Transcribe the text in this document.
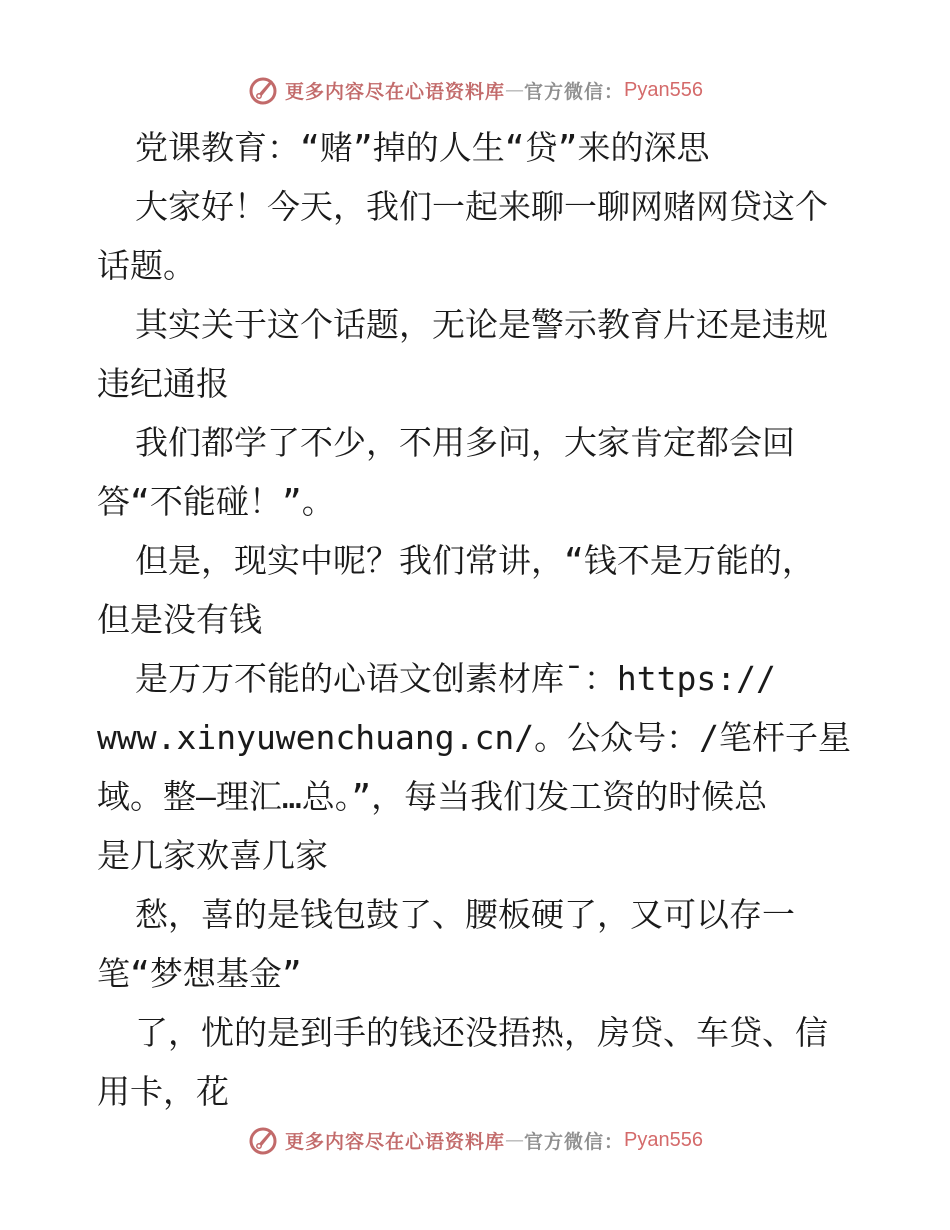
更多内容尽在心语资料库 — 官方微信： Pyan556
党课教育：“赌”掉的人生“贷”来的深思
大家好！今天，我们一起来聊一聊网赌网贷这个
话题。
其实关于这个话题，无论是警示教育片还是违规
违纪通报
我们都学了不少，不用多问，大家肯定都会回
答“不能碰！”。
但是，现实中呢？我们常讲，“钱不是万能的，
但是没有钱
是万万不能的心语文创素材库¯：https://
www.xinyuwenchuang.cn/。公众号：/笔杆子星
域。整—理汇…总。”，每当我们发工资的时候总
是几家欢喜几家
愁，喜的是钱包鼓了、腰板硬了，又可以存一
笔“梦想基金”
了，忧的是到手的钱还没捂热，房贷、车贷、信
用卡，花
更多内容尽在心语资料库 — 官方微信： Pyan556
